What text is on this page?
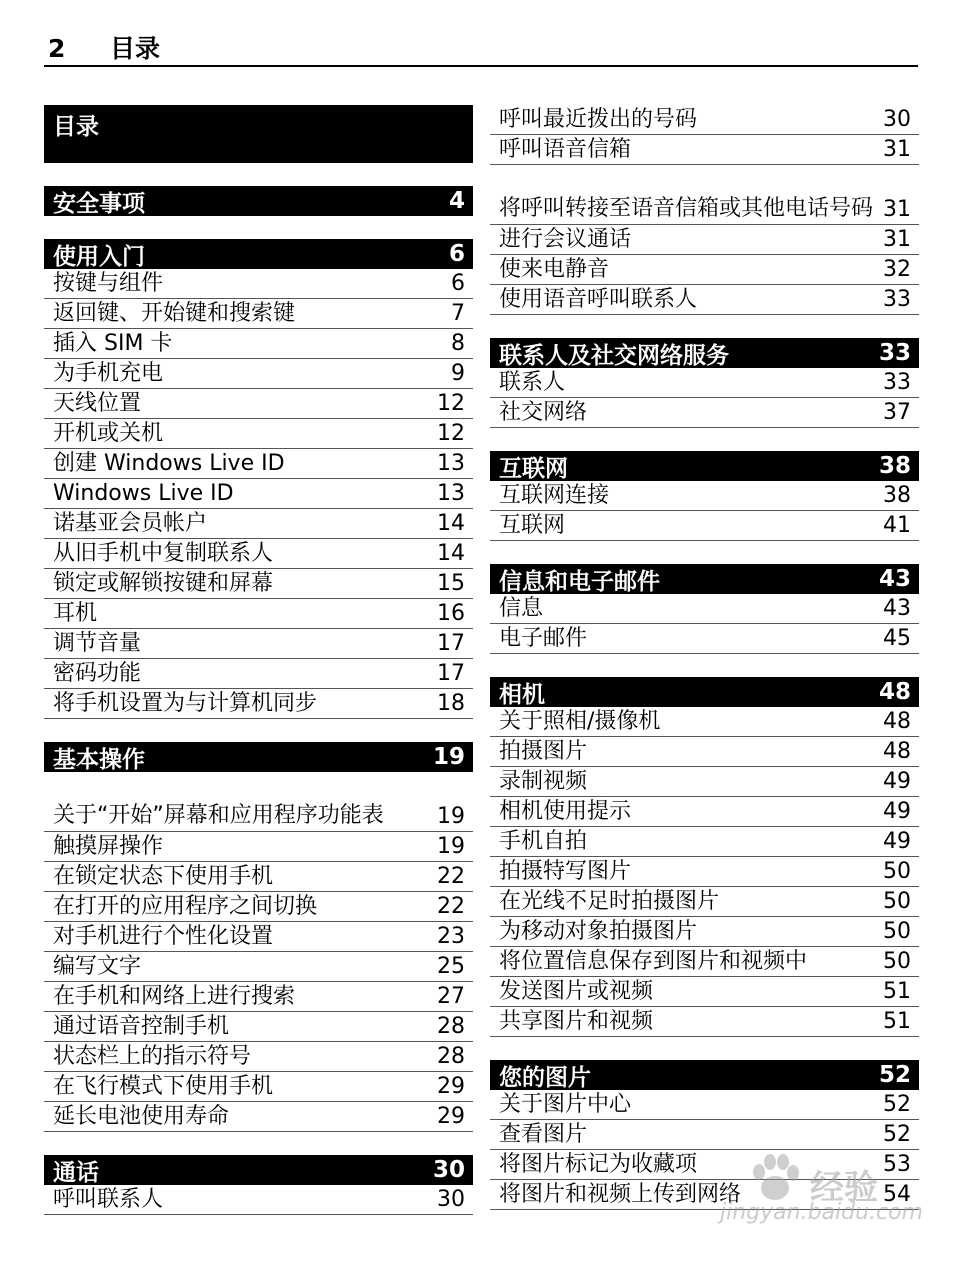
2 目录
目录
安全事项	4
使用入门	6
按键与组件	6
返回键、开始键和搜索键	7
插入 SIM 卡	8
为手机充电	9
天线位置	12
开机或关机	12
创建 Windows Live ID	13
Windows Live ID	13
诺基亚会员帐户	14
从旧手机中复制联系人	14
锁定或解锁按键和屏幕	15
耳机	16
调节音量	17
密码功能	17
将手机设置为与计算机同步	18
基本操作	19
关于“开始”屏幕和应用程序功能表	19
触摸屏操作	19
在锁定状态下使用手机	22
在打开的应用程序之间切换	22
对手机进行个性化设置	23
编写文字	25
在手机和网络上进行搜索	27
通过语音控制手机	28
状态栏上的指示符号	28
在飞行模式下使用手机	29
延长电池使用寿命	29
通话	30
呼叫联系人	30
呼叫最近拨出的号码	30
呼叫语音信箱	31
将呼叫转接至语音信箱或其他电话号码 31
进行会议通话	31
使来电静音	32
使用语音呼叫联系人	33
联系人及社交网络服务	33
联系人	33
社交网络	37
互联网	38
互联网连接	38
互联网	41
信息和电子邮件	43
信息	43
电子邮件	45
相机	48
关于照相/摄像机	48
拍摄图片	48
录制视频	49
相机使用提示	49
手机自拍	49
拍摄特写图片	50
在光线不足时拍摄图片	50
为移动对象拍摄图片	50
将位置信息保存到图片和视频中	50
发送图片或视频	51
共享图片和视频	51
您的图片	52
关于图片中心	52
查看图片	52
将图片标记为收藏项	53
将图片和视频上传到网络	54
经验
jingyan.baidu.com
